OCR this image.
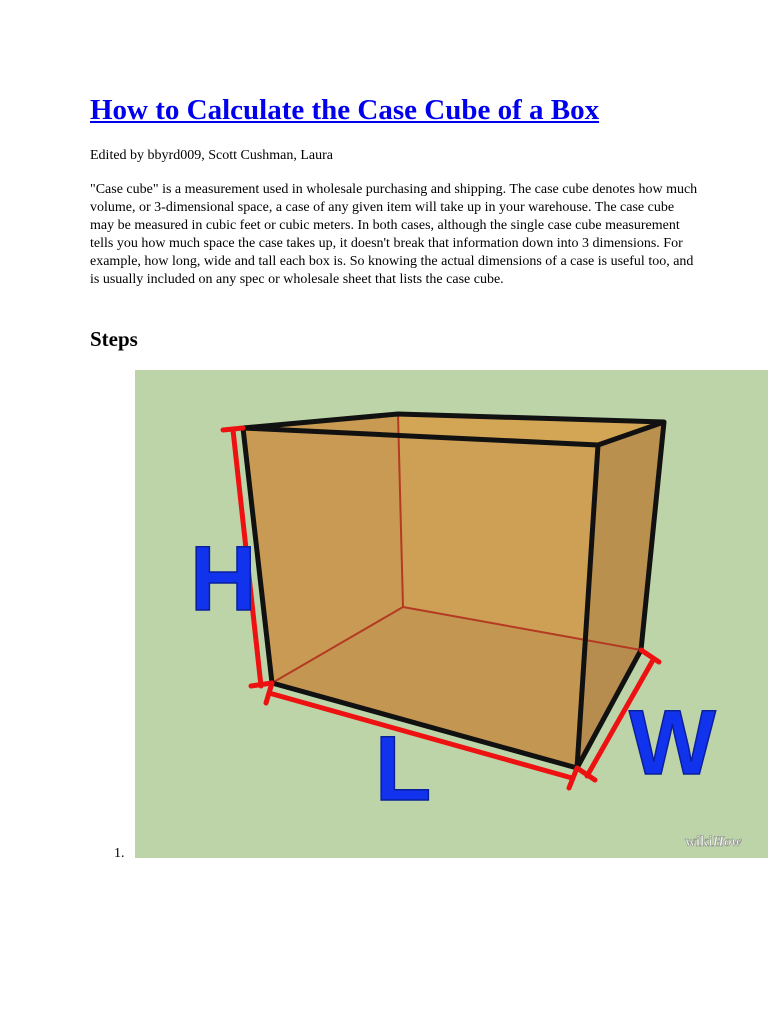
How to Calculate the Case Cube of a Box
Edited by bbyrd009, Scott Cushman, Laura

"Case cube" is a measurement used in wholesale purchasing and shipping. The case cube denotes how much volume, or 3-dimensional space, a case of any given item will take up in your warehouse. The case cube may be measured in cubic feet or cubic meters. In both cases, although the single case cube measurement tells you how much space the case takes up, it doesn't break that information down into 3 dimensions. For example, how long, wide and tall each box is. So knowing the actual dimensions of a case is useful too, and is usually included on any spec or wholesale sheet that lists the case cube.

Steps
1.
H
L W
wikiHow
